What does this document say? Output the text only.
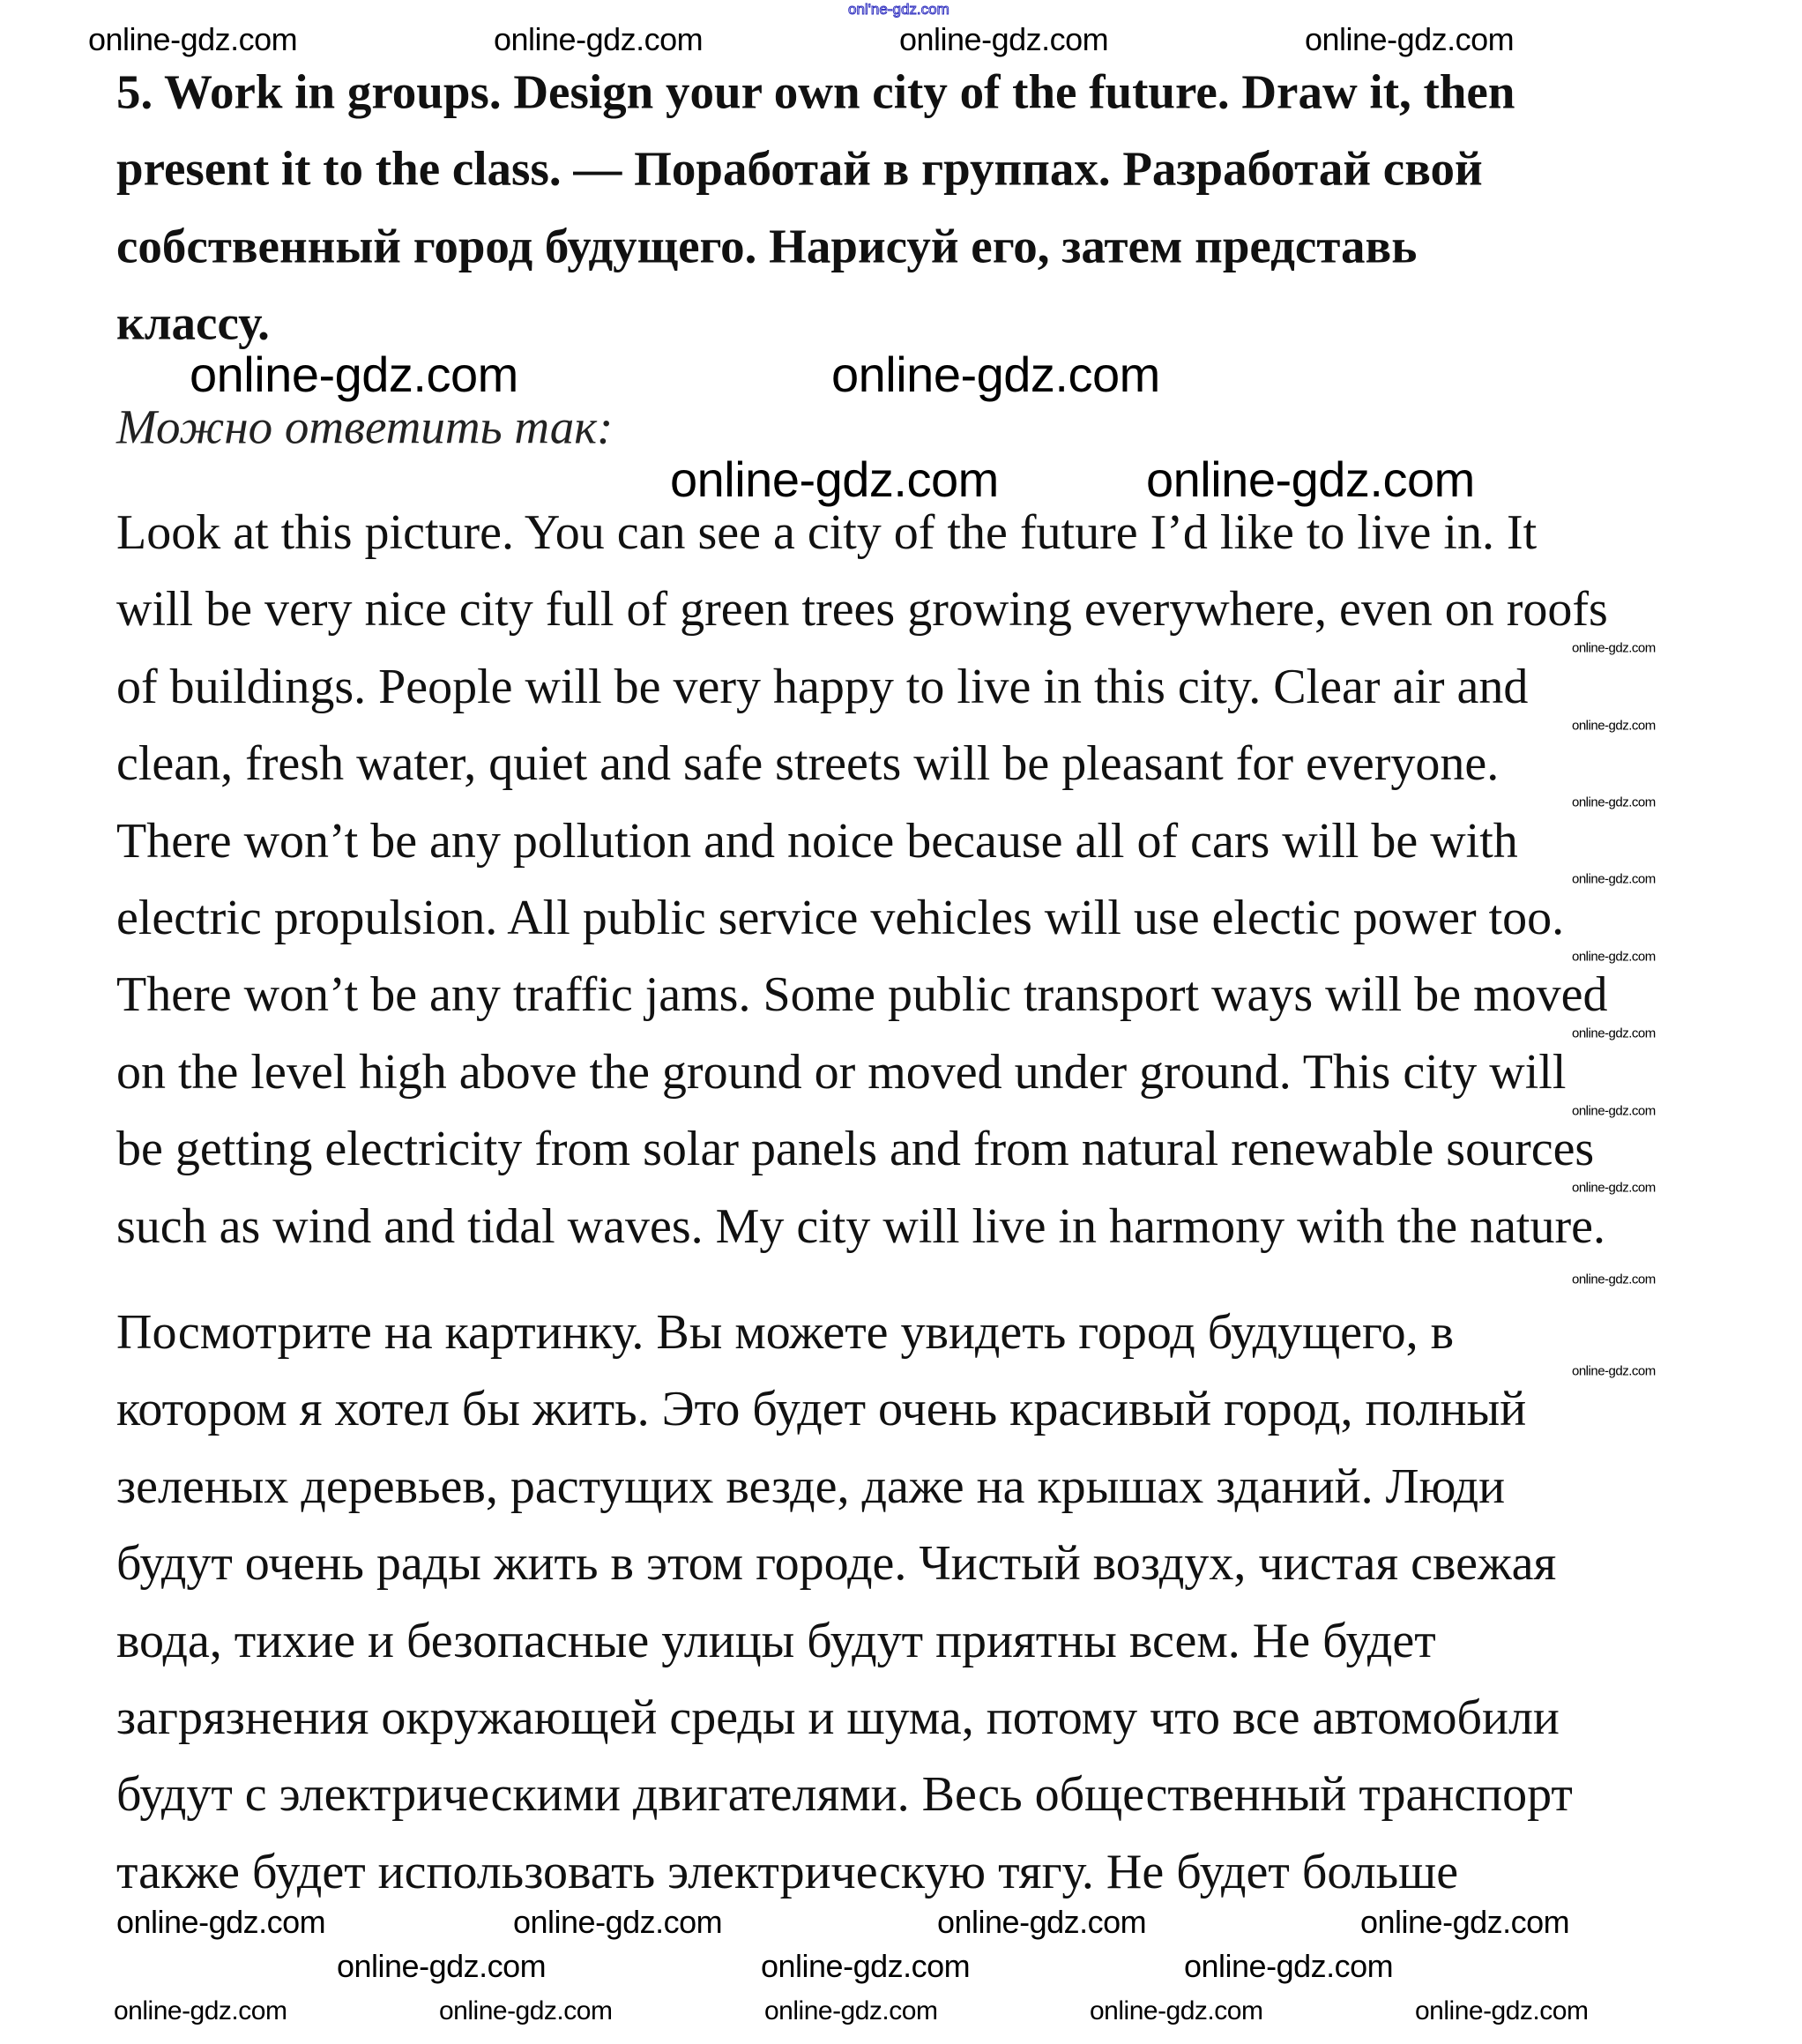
onl'ne-gdz.com
5. Work in groups. Design your own city of the future. Draw it, then
present it to the class. — Поработай в группах. Разработай свой
собственный город будущего. Нарисуй его, затем представь
классу.
Можно ответить так:
Look at this picture. You can see a city of the future I’d like to live in. It
will be very nice city full of green trees growing everywhere, even on roofs
of buildings. People will be very happy to live in this city. Clear air and
clean, fresh water, quiet and safe streets will be pleasant for everyone.
There won’t be any pollution and noice because all of cars will be with
electric propulsion. All public service vehicles will use electic power too.
There won’t be any traffic jams. Some public transport ways will be moved
on the level high above the ground or moved under ground. This city will
be getting electricity from solar panels and from natural renewable sources
such as wind and tidal waves. My city will live in harmony with the nature.
Посмотрите на картинку. Вы можете увидеть город будущего, в
котором я хотел бы жить. Это будет очень красивый город, полный
зеленых деревьев, растущих везде, даже на крышах зданий. Люди
будут очень рады жить в этом городе. Чистый воздух, чистая свежая
вода, тихие и безопасные улицы будут приятны всем. Не будет
загрязнения окружающей среды и шума, потому что все автомобили
будут с электрическими двигателями. Весь общественный транспорт
также будет использовать электрическую тягу. Не будет больше
online-gdz.com	online-gdz.com	online-gdz.com	online-gdz.com
online-gdz.com	online-gdz.com
online-gdz.com	online-gdz.com
online-gdz.com
online-gdz.com
online-gdz.com
online-gdz.com
online-gdz.com
online-gdz.com
online-gdz.com
online-gdz.com
online-gdz.com
online-gdz.com
online-gdz.com	online-gdz.com	online-gdz.com	online-gdz.com
online-gdz.com	online-gdz.com	online-gdz.com
online-gdz.com	online-gdz.com	online-gdz.com	online-gdz.com	online-gdz.com
